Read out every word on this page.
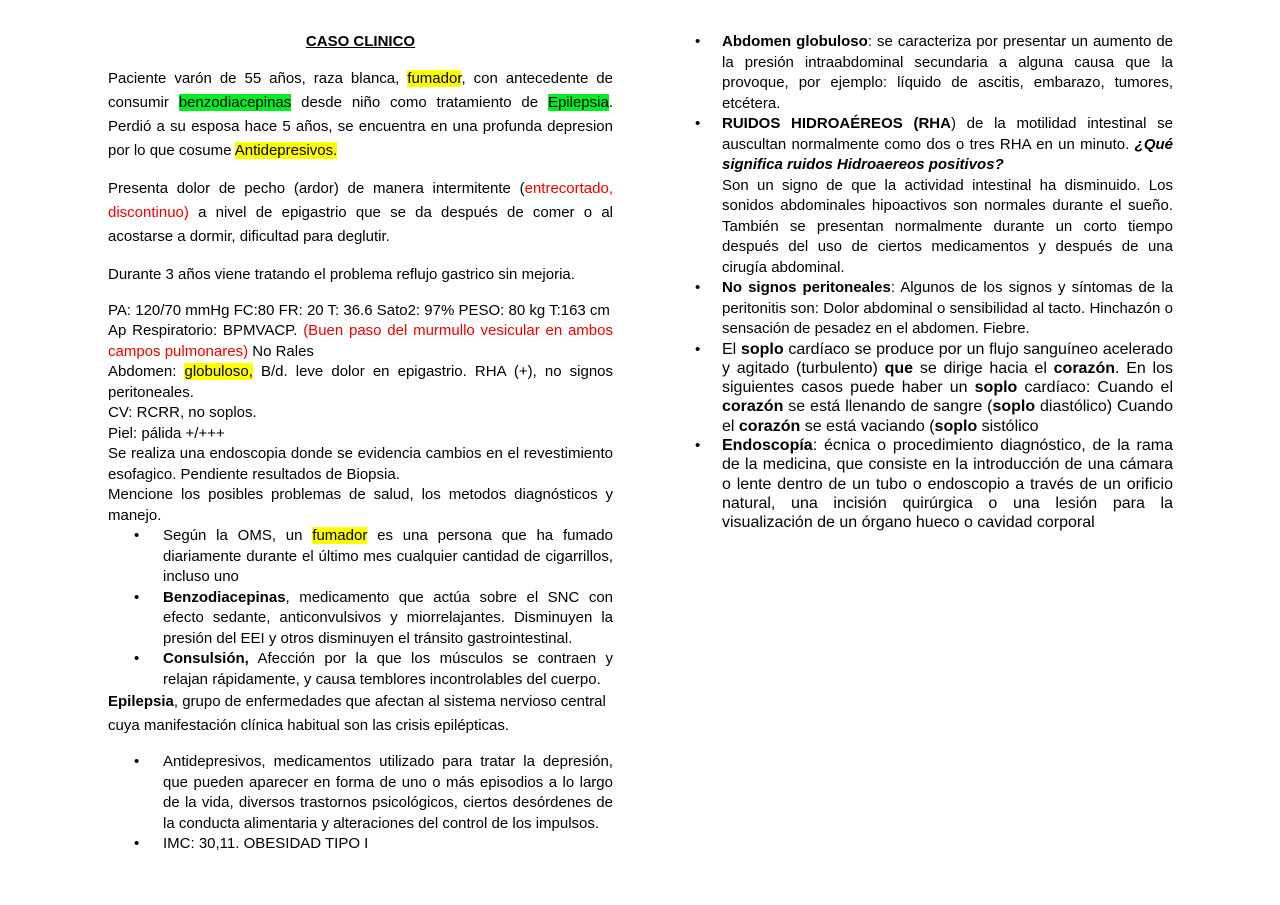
CASO CLINICO

Paciente varón de 55 años, raza blanca, fumador, con antecedente de consumir benzodiacepinas desde niño como tratamiento de Epilepsia. Perdió a su esposa hace 5 años, se encuentra en una profunda depresion por lo que cosume Antidepresivos.

Presenta dolor de pecho (ardor) de manera intermitente (entrecortado, discontinuo) a nivel de epigastrio que se da después de comer o al acostarse a dormir, dificultad para deglutir.

Durante 3 años viene tratando el problema reflujo gastrico sin mejoria.

PA: 120/70 mmHg FC:80 FR: 20 T: 36.6 Sato2: 97% PESO: 80 kg T:163 cm

Ap Respiratorio: BPMVACP. (Buen paso del murmullo vesicular en ambos campos pulmonares) No Rales

Abdomen: globuloso, B/d. leve dolor en epigastrio. RHA (+), no signos peritoneales.

CV: RCRR, no soplos.

Piel: pálida +/+++

Se realiza una endoscopia donde se evidencia cambios en el revestimiento esofagico. Pendiente resultados de Biopsia.

Mencione los posibles problemas de salud, los metodos diagnósticos y manejo.

• Según la OMS, un fumador es una persona que ha fumado diariamente durante el último mes cualquier cantidad de cigarrillos, incluso uno
• Benzodiacepinas, medicamento que actúa sobre el SNC con efecto sedante, anticonvulsivos y miorrelajantes. Disminuyen la presión del EEI y otros disminuyen el tránsito gastrointestinal.
• Consulsión, Afección por la que los músculos se contraen y relajan rápidamente, y causa temblores incontrolables del cuerpo.

Epilepsia, grupo de enfermedades que afectan al sistema nervioso central cuya manifestación clínica habitual son las crisis epilépticas.

• Antidepresivos, medicamentos utilizado para tratar la depresión, que pueden aparecer en forma de uno o más episodios a lo largo de la vida, diversos trastornos psicológicos, ciertos desórdenes de la conducta alimentaria y alteraciones del control de los impulsos.
• IMC: 30,11. OBESIDAD TIPO I
• Abdomen globuloso: se caracteriza por presentar un aumento de la presión intraabdominal secundaria a alguna causa que la provoque, por ejemplo: líquido de ascitis, embarazo, tumores, etcétera.
• RUIDOS HIDROAÉREOS (RHA) de la motilidad intestinal se auscultan normalmente como dos o tres RHA en un minuto. ¿Qué significa ruidos Hidroaereos positivos?
Son un signo de que la actividad intestinal ha disminuido. Los sonidos abdominales hipoactivos son normales durante el sueño. También se presentan normalmente durante un corto tiempo después del uso de ciertos medicamentos y después de una cirugía abdominal.
• No signos peritoneales: Algunos de los signos y síntomas de la peritonitis son: Dolor abdominal o sensibilidad al tacto. Hinchazón o sensación de pesadez en el abdomen. Fiebre.
• El soplo cardíaco se produce por un flujo sanguíneo acelerado y agitado (turbulento) que se dirige hacia el corazón. En los siguientes casos puede haber un soplo cardíaco: Cuando el corazón se está llenando de sangre (soplo diastólico) Cuando el corazón se está vaciando (soplo sistólico
• Endoscopía: écnica o procedimiento diagnóstico, de la rama de la medicina, que consiste en la introducción de una cámara o lente dentro de un tubo o endoscopio a través de un orificio natural, una incisión quirúrgica o una lesión para la visualización de un órgano hueco o cavidad corporal
